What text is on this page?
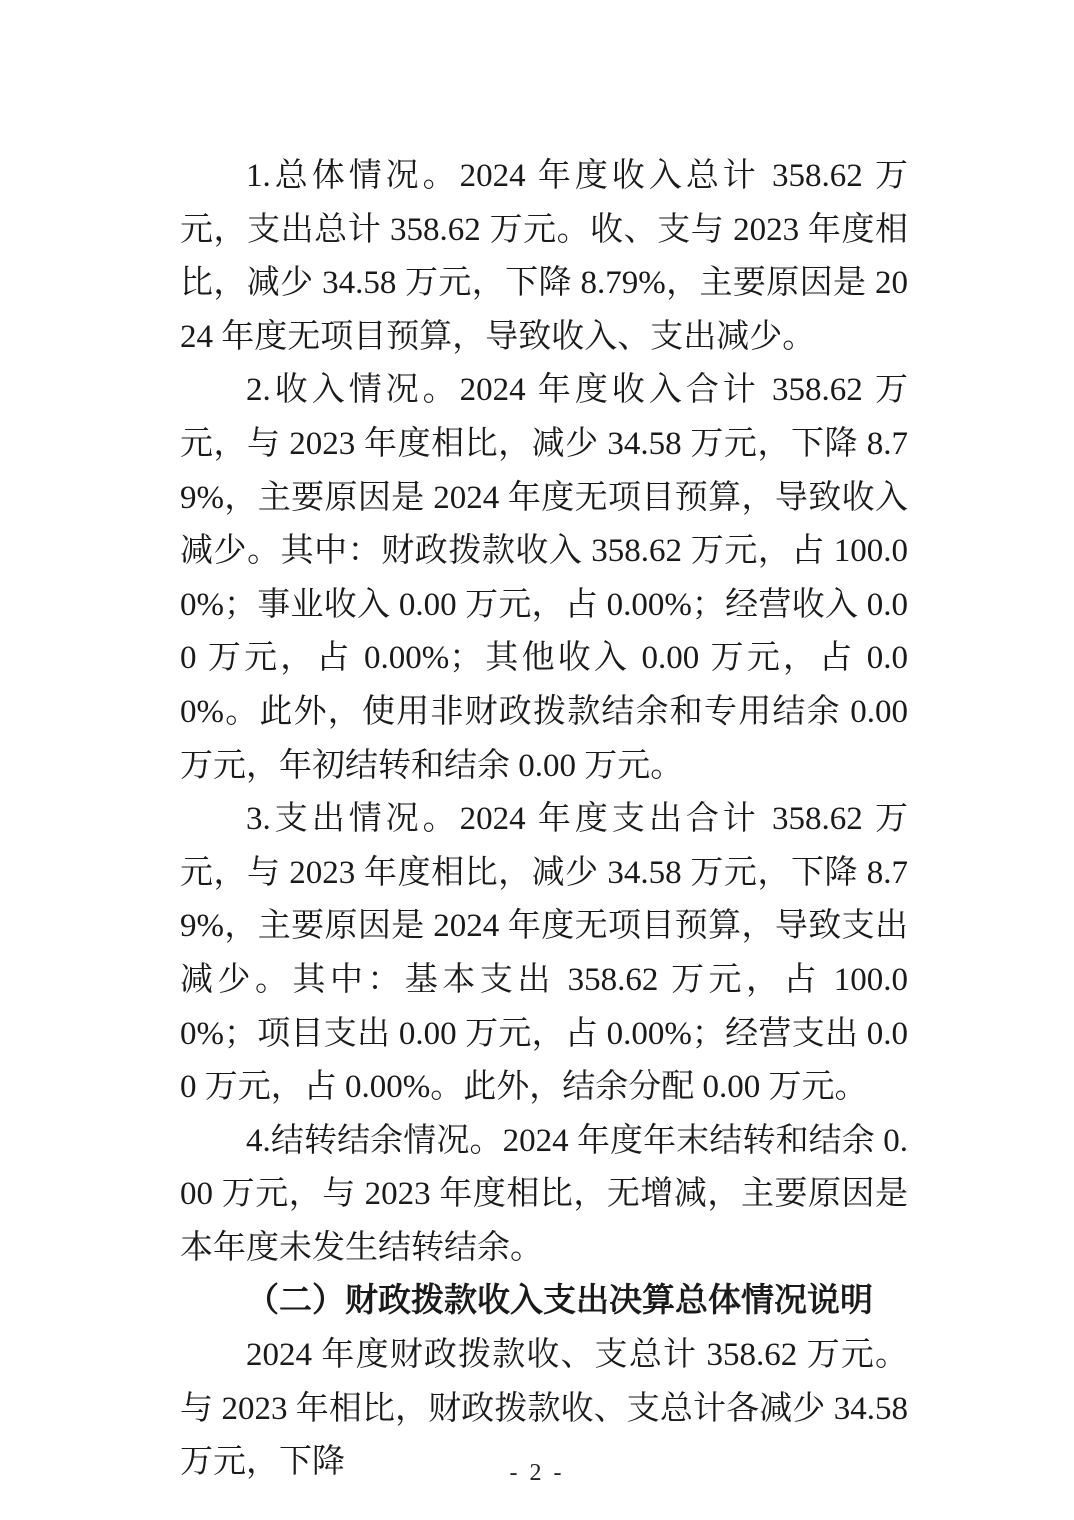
1.总体情况。2024 年度收入总计 358.62 万元，支出总计 358.62 万元。收、支与 2023 年度相比，减少 34.58 万元，下降 8.79%，主要原因是 2024 年度无项目预算，导致收入、支出减少。

2.收入情况。2024 年度收入合计 358.62 万元，与 2023 年度相比，减少 34.58 万元，下降 8.79%，主要原因是 2024 年度无项目预算，导致收入减少。其中：财政拨款收入 358.62 万元，占 100.00%；事业收入 0.00 万元，占 0.00%；经营收入 0.00 万元，占 0.00%；其他收入 0.00 万元，占 0.00%。此外，使用非财政拨款结余和专用结余 0.00 万元，年初结转和结余 0.00 万元。

3.支出情况。2024 年度支出合计 358.62 万元，与 2023 年度相比，减少 34.58 万元，下降 8.79%，主要原因是 2024 年度无项目预算，导致支出减少。其中：基本支出 358.62 万元，占 100.00%；项目支出 0.00 万元，占 0.00%；经营支出 0.00 万元，占 0.00%。此外，结余分配 0.00 万元。

4.结转结余情况。2024 年度年末结转和结余 0.00 万元，与 2023 年度相比，无增减，主要原因是本年度未发生结转结余。

（二）财政拨款收入支出决算总体情况说明

2024 年度财政拨款收、支总计 358.62 万元。与 2023 年相比，财政拨款收、支总计各减少 34.58 万元，下降	- 2 -
